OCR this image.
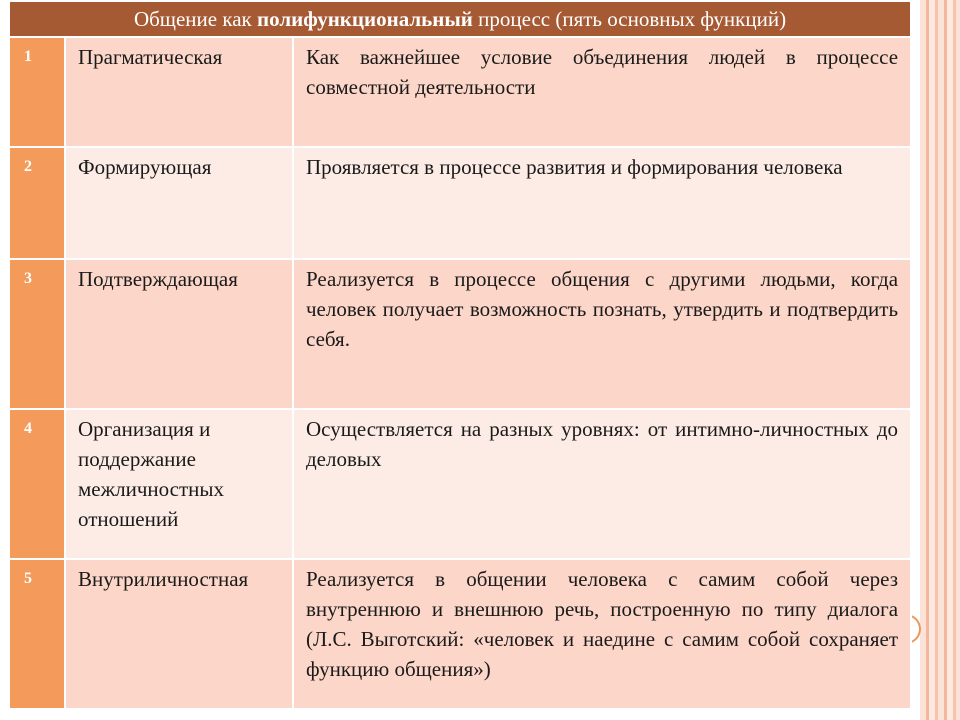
Общение как полифункциональный процесс (пять основных функций)		
1	Прагматическая	Как важнейшее условие объединения людей в процессе совместной деятельности
2	Формирующая	Проявляется в процессе развития и формирования человека
3	Подтверждающая	Реализуется в процессе общения с другими людьми, когда человек получает возможность познать, утвердить и подтвердить себя.
4	Организация и поддержание межличностных отношений	Осуществляется на разных уровнях: от интимно-личностных до деловых
5	Внутриличностная	Реализуется в общении человека с самим собой через внутреннюю и внешнюю речь, построенную по типу диалога (Л.С. Выготский: «человек и наедине с самим собой сохраняет функцию общения»)
